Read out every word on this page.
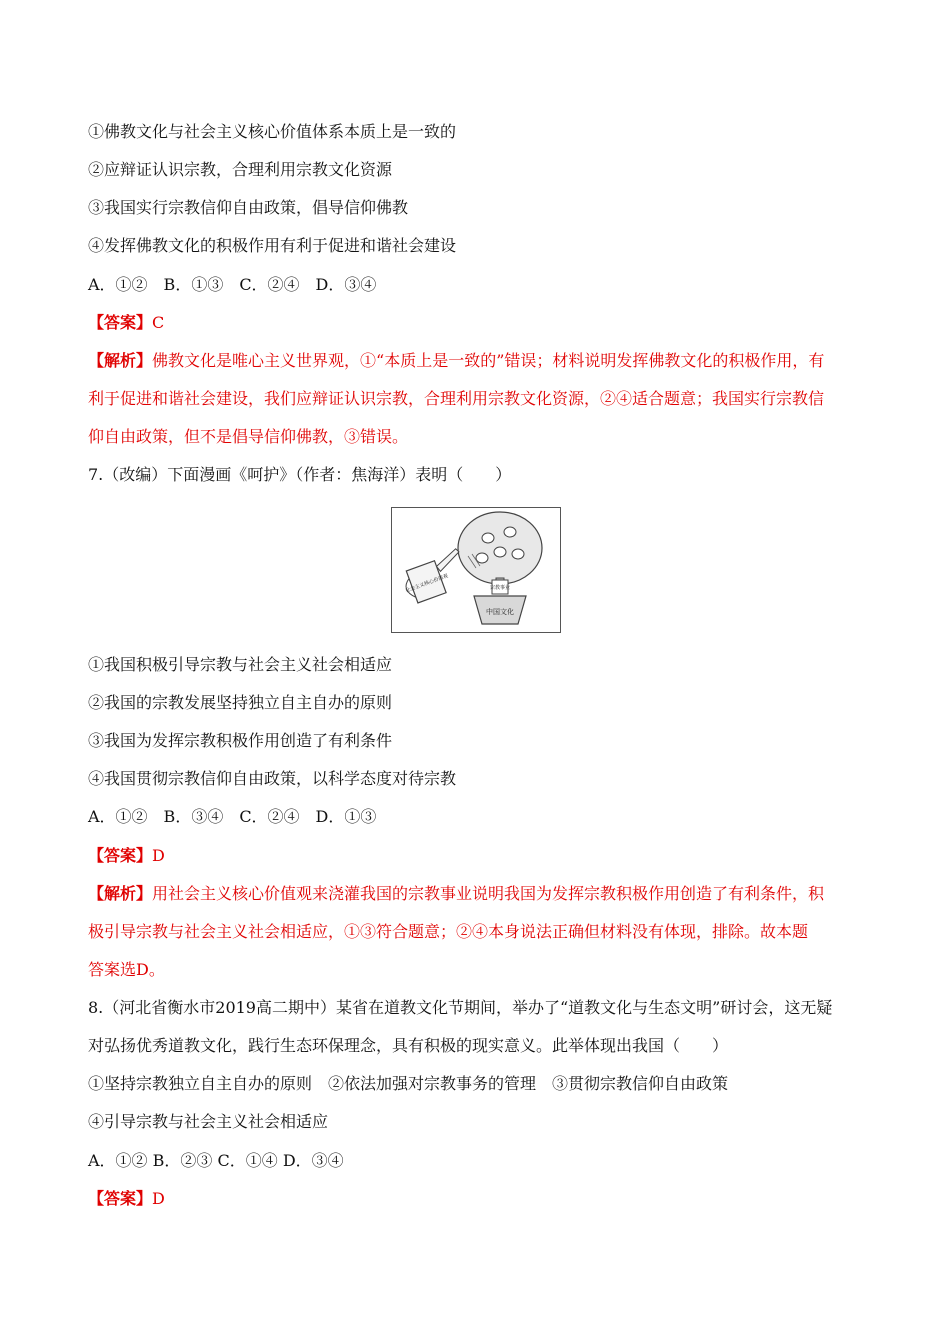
①佛教文化与社会主义核心价值体系本质上是一致的
②应辩证认识宗教，合理利用宗教文化资源
③我国实行宗教信仰自由政策，倡导信仰佛教
④发挥佛教文化的积极作用有利于促进和谐社会建设
A．①②　B．①③　C．②④　D．③④
【答案】C
【解析】佛教文化是唯心主义世界观，①“本质上是一致的”错误；材料说明发挥佛教文化的积极作用，有
利于促进和谐社会建设，我们应辩证认识宗教，合理利用宗教文化资源，②④适合题意；我国实行宗教信
仰自由政策，但不是倡导信仰佛教，③错误。
7.（改编）下面漫画《呵护》（作者：焦海洋）表明（　　）
宗教事业
中国文化
社会主义核心价值观
①我国积极引导宗教与社会主义社会相适应
②我国的宗教发展坚持独立自主自办的原则
③我国为发挥宗教积极作用创造了有利条件
④我国贯彻宗教信仰自由政策，以科学态度对待宗教
A．①②　B．③④　C．②④　D．①③
【答案】D
【解析】用社会主义核心价值观来浇灌我国的宗教事业说明我国为发挥宗教积极作用创造了有利条件，积
极引导宗教与社会主义社会相适应，①③符合题意；②④本身说法正确但材料没有体现，排除。故本题
答案选D。
8.（河北省衡水市2019高二期中）某省在道教文化节期间，举办了“道教文化与生态文明”研讨会，这无疑
对弘扬优秀道教文化，践行生态环保理念，具有积极的现实意义。此举体现出我国（　　）
①坚持宗教独立自主自办的原则　②依法加强对宗教事务的管理　③贯彻宗教信仰自由政策
④引导宗教与社会主义社会相适应
A．①② B．②③ C．①④ D．③④
【答案】D
